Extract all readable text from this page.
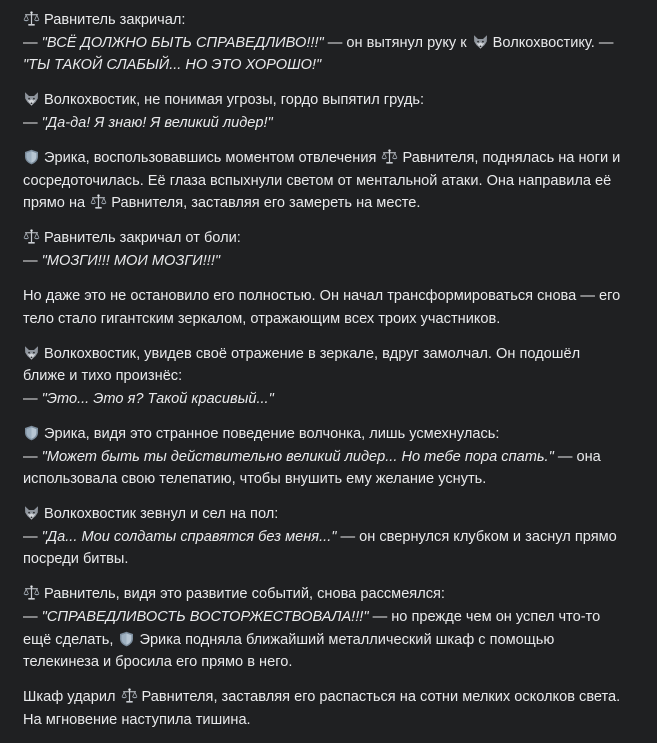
Равнитель закричал:
— "ВСЁ ДОЛЖНО БЫТЬ СПРАВЕДЛИВО!!!" — он вытянул руку к
Волкохвостику. —
"ТЫ ТАКОЙ СЛАБЫЙ... НО ЭТО ХОРОШО!"
Волкохвостик, не понимая угрозы, гордо выпятил грудь:
— "Да-да! Я знаю! Я великий лидер!"
Эрика, воспользовавшись моментом отвлечения
Равнителя, поднялась на ноги и
сосредоточилась. Её глаза вспыхнули светом от ментальной атаки. Она направила её
прямо на
Равнителя, заставляя его замереть на месте.
Равнитель закричал от боли:
— "МОЗГИ!!! МОИ МОЗГИ!!!"
Но даже это не остановило его полностью. Он начал трансформироваться снова — его
тело стало гигантским зеркалом, отражающим всех троих участников.
Волкохвостик, увидев своё отражение в зеркале, вдруг замолчал. Он подошёл
ближе и тихо произнёс:
— "Это... Это я? Такой красивый..."
Эрика, видя это странное поведение волчонка, лишь усмехнулась:
— "Может быть ты действительно великий лидер... Но тебе пора спать." — она
использовала свою телепатию, чтобы внушить ему желание уснуть.
Волкохвостик зевнул и сел на пол:
— "Да... Мои солдаты справятся без меня..." — он свернулся клубком и заснул прямо
посреди битвы.
Равнитель, видя это развитие событий, снова рассмеялся:
— "СПРАВЕДЛИВОСТЬ ВОСТОРЖЕСТВОВАЛА!!!" — но прежде чем он успел что-то
ещё сделать,
Эрика подняла ближайший металлический шкаф с помощью
телекинеза и бросила его прямо в него.
Шкаф ударил
Равнителя, заставляя его распасться на сотни мелких осколков света.
На мгновение наступила тишина.
